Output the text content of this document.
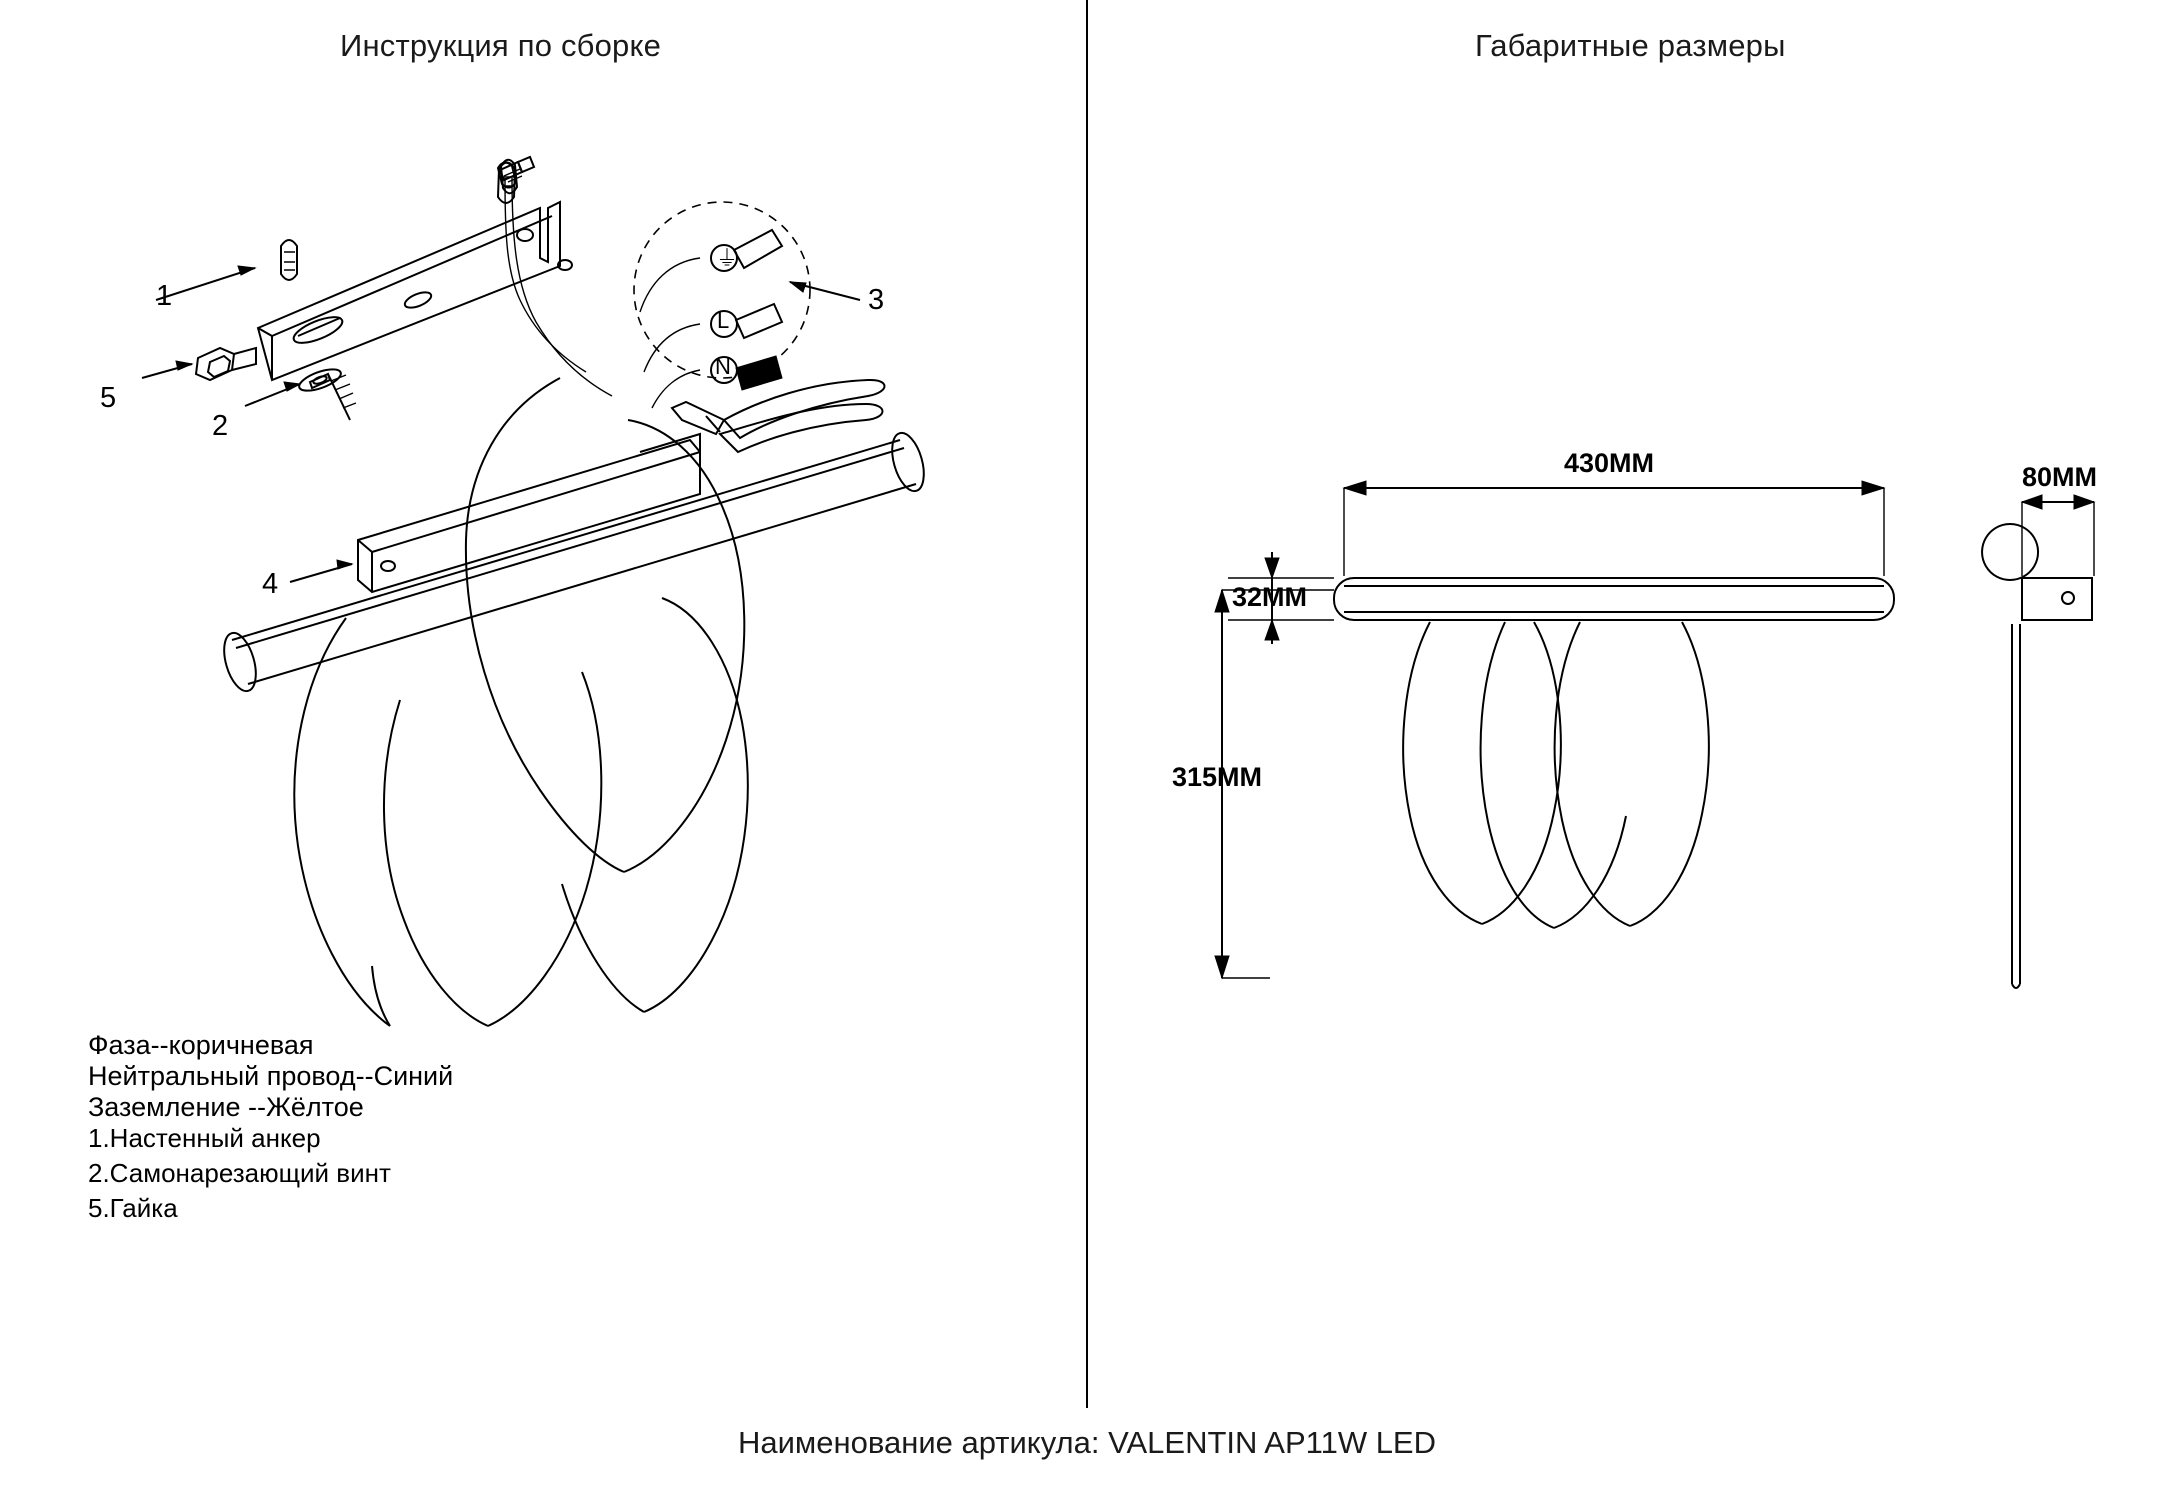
Инструкция по сборке	Габаритные размеры
430ММ	80ММ
32ММ
315ММ
1
2
3
4
5
⏚
L
N
Фаза--коричневая
Нейтральный провод--Синий
Заземление --Жёлтое
1.Настенный анкер
2.Самонарезающий винт
5.Гайка
Наименование артикула: VALENTIN AP11W LED
